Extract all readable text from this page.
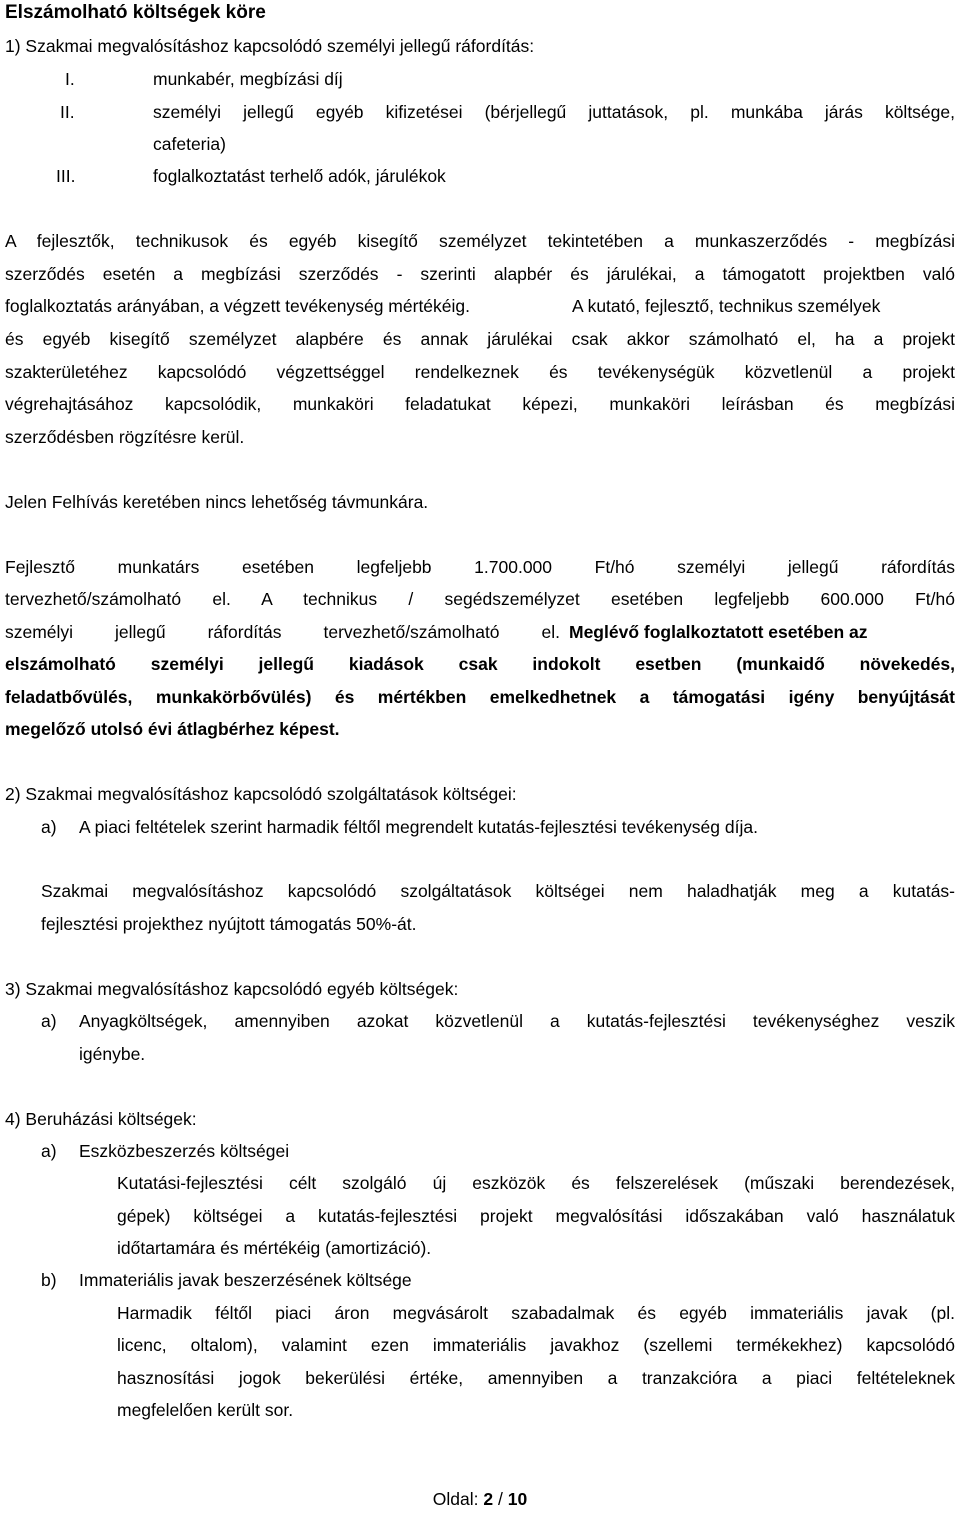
Elszámolható költségek köre
1) Szakmai megvalósításhoz kapcsolódó személyi jellegű ráfordítás:
I.	munkabér, megbízási díj
II.	személyi jellegű egyéb kifizetései (bérjellegű juttatások, pl. munkába járás költsége,
cafeteria)
III.	foglalkoztatást terhelő adók, járulékok
A fejlesztők, technikusok és egyéb kisegítő személyzet tekintetében a munkaszerződés - megbízási
szerződés esetén a megbízási szerződés - szerinti alapbér és járulékai, a támogatott projektben való
foglalkoztatás arányában, a végzett tevékenység mértékéig.	A kutató, fejlesztő, technikus személyek
és egyéb kisegítő személyzet alapbére és annak járulékai csak akkor számolható el, ha a projekt
szakterületéhez kapcsolódó végzettséggel rendelkeznek és tevékenységük közvetlenül a projekt
végrehajtásához kapcsolódik, munkaköri feladatukat képezi, munkaköri leírásban és megbízási
szerződésben rögzítésre kerül.
Jelen Felhívás keretében nincs lehetőség távmunkára.
Fejlesztő munkatárs esetében legfeljebb 1.700.000 Ft/hó személyi jellegű ráfordítás
tervezhető/számolható el. A technikus / segédszemélyzet esetében legfeljebb 600.000 Ft/hó
személyi jellegű ráfordítás tervezhető/számolható el. Meglévő foglalkoztatott esetében az
elszámolható személyi jellegű kiadások csak indokolt esetben (munkaidő növekedés,
feladatbővülés, munkakörbővülés) és mértékben emelkedhetnek a támogatási igény benyújtását
megelőző utolsó évi átlagbérhez képest.
2) Szakmai megvalósításhoz kapcsolódó szolgáltatások költségei:
a) A piaci feltételek szerint harmadik féltől megrendelt kutatás-fejlesztési tevékenység díja.
Szakmai megvalósításhoz kapcsolódó szolgáltatások költségei nem haladhatják meg a kutatás-
fejlesztési projekthez nyújtott támogatás 50%-át.
3) Szakmai megvalósításhoz kapcsolódó egyéb költségek:
a) Anyagköltségek, amennyiben azokat közvetlenül a kutatás-fejlesztési tevékenységhez veszik
igénybe.
4) Beruházási költségek:
a) Eszközbeszerzés költségei
Kutatási-fejlesztési célt szolgáló új eszközök és felszerelések (műszaki berendezések,
gépek) költségei a kutatás-fejlesztési projekt megvalósítási időszakában való használatuk
időtartamára és mértékéig (amortizáció).
b) Immateriális javak beszerzésének költsége
Harmadik féltől piaci áron megvásárolt szabadalmak és egyéb immateriális javak (pl.
licenc, oltalom), valamint ezen immateriális javakhoz (szellemi termékekhez) kapcsolódó
hasznosítási jogok bekerülési értéke, amennyiben a tranzakcióra a piaci feltételeknek
megfelelően került sor.
Oldal: 2 / 10
